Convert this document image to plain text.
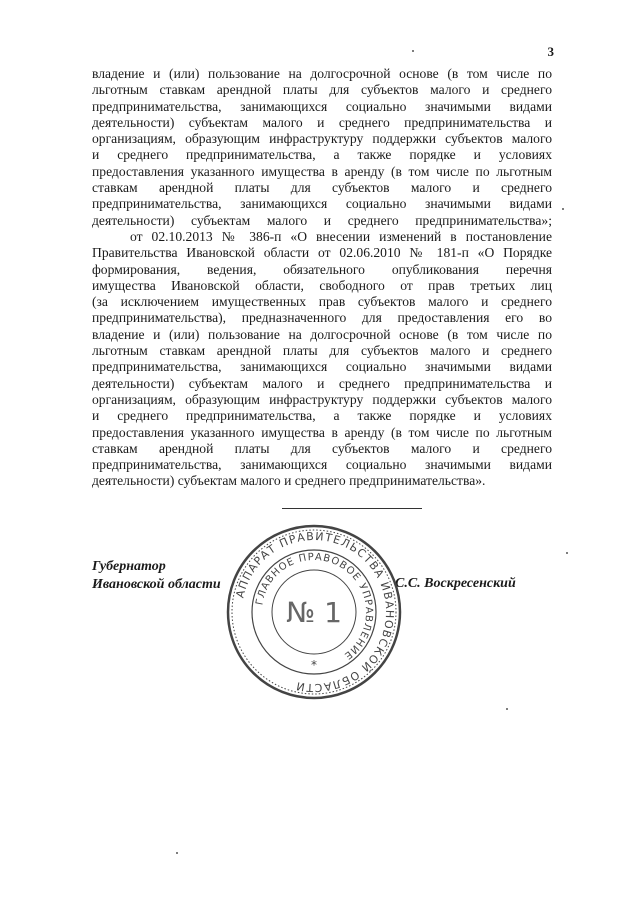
3
владение и (или) пользование на долгосрочной основе (в том числе по
льготным ставкам арендной платы для субъектов малого и среднего
предпринимательства, занимающихся социально значимыми видами
деятельности) субъектам малого и среднего предпринимательства и
организациям, образующим инфраструктуру поддержки субъектов малого
и среднего предпринимательства, а также порядке и условиях
предоставления указанного имущества в аренду (в том числе по льготным
ставкам арендной платы для субъектов малого и среднего
предпринимательства, занимающихся социально значимыми видами
деятельности) субъектам малого и среднего предпринимательства»;
от 02.10.2013 № 386-п «О внесении изменений в постановление
Правительства Ивановской области от 02.06.2010 № 181-п «О Порядке
формирования, ведения, обязательного опубликования перечня
имущества Ивановской области, свободного от прав третьих лиц
(за исключением имущественных прав субъектов малого и среднего
предпринимательства), предназначенного для предоставления его во
владение и (или) пользование на долгосрочной основе (в том числе по
льготным ставкам арендной платы для субъектов малого и среднего
предпринимательства, занимающихся социально значимыми видами
деятельности) субъектам малого и среднего предпринимательства и
организациям, образующим инфраструктуру поддержки субъектов малого
и среднего предпринимательства, а также порядке и условиях
предоставления указанного имущества в аренду (в том числе по льготным
ставкам арендной платы для субъектов малого и среднего
предпринимательства, занимающихся социально значимыми видами
деятельности) субъектам малого и среднего предпринимательства».
Губернатор
Ивановской области	С.С. Воскресенский
АППАРАТ ПРАВИТЕЛЬСТВА ИВАНОВСКОЙ ОБЛАСТИ
ГЛАВНОЕ ПРАВОВОЕ УПРАВЛЕНИЕ
№ 1
*
